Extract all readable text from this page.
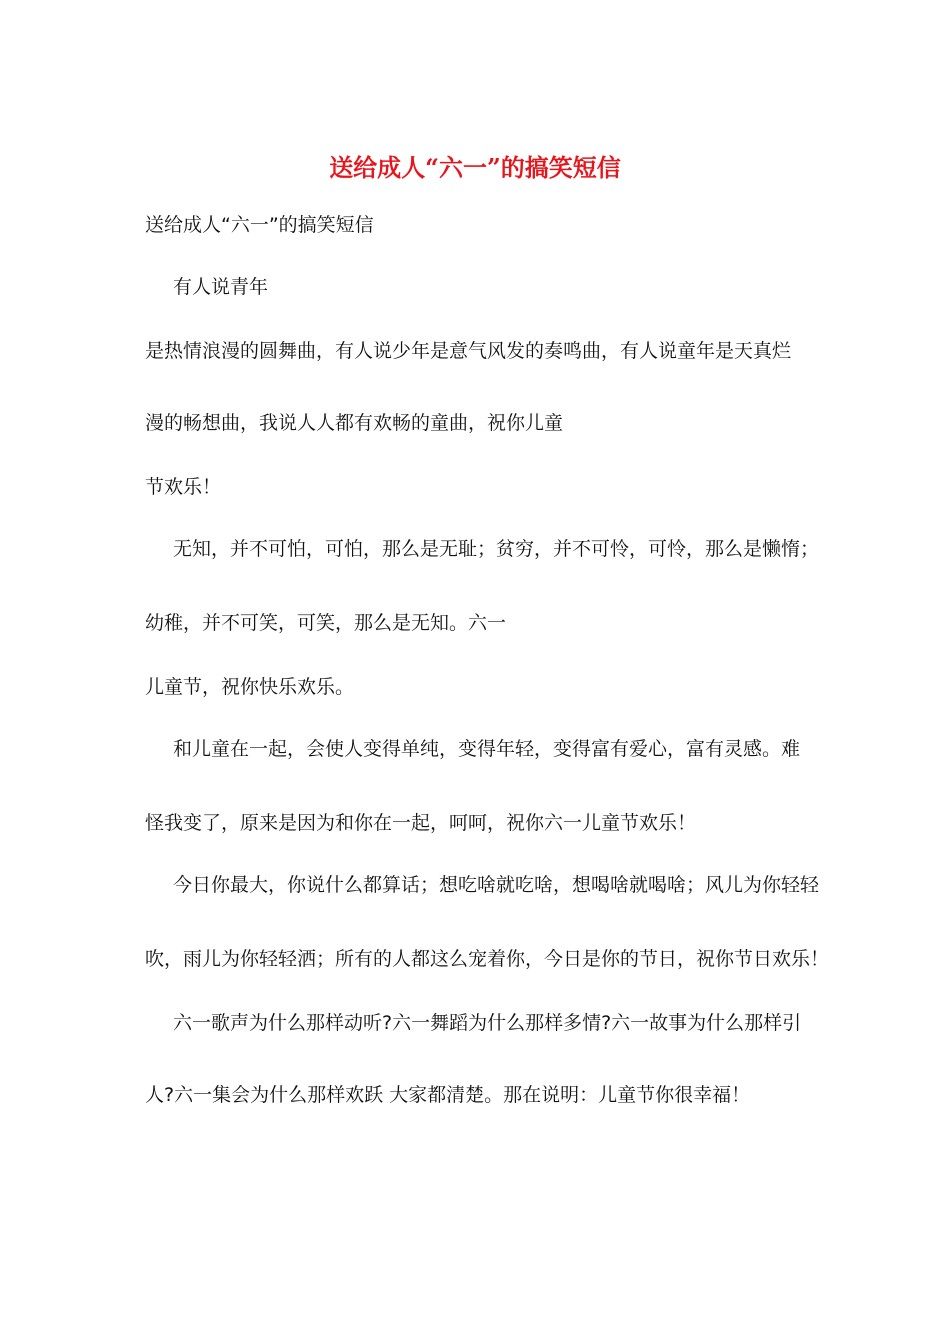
送给成人“六一”的搞笑短信
送给成人“六一”的搞笑短信
有人说青年
是热情浪漫的圆舞曲，有人说少年是意气风发的奏鸣曲，有人说童年是天真烂
漫的畅想曲，我说人人都有欢畅的童曲，祝你儿童
节欢乐！
无知，并不可怕，可怕，那么是无耻；贫穷，并不可怜，可怜，那么是懒惰；
幼稚，并不可笑，可笑，那么是无知。六一
儿童节，祝你快乐欢乐。
和儿童在一起，会使人变得单纯，变得年轻，变得富有爱心，富有灵感。难
怪我变了，原来是因为和你在一起，呵呵，祝你六一儿童节欢乐！
今日你最大，你说什么都算话；想吃啥就吃啥，想喝啥就喝啥；风儿为你轻轻
吹，雨儿为你轻轻洒；所有的人都这么宠着你，今日是你的节日，祝你节日欢乐！
六一歌声为什么那样动听?六一舞蹈为什么那样多情?六一故事为什么那样引
人?六一集会为什么那样欢跃 大家都清楚。那在说明：儿童节你很幸福！
